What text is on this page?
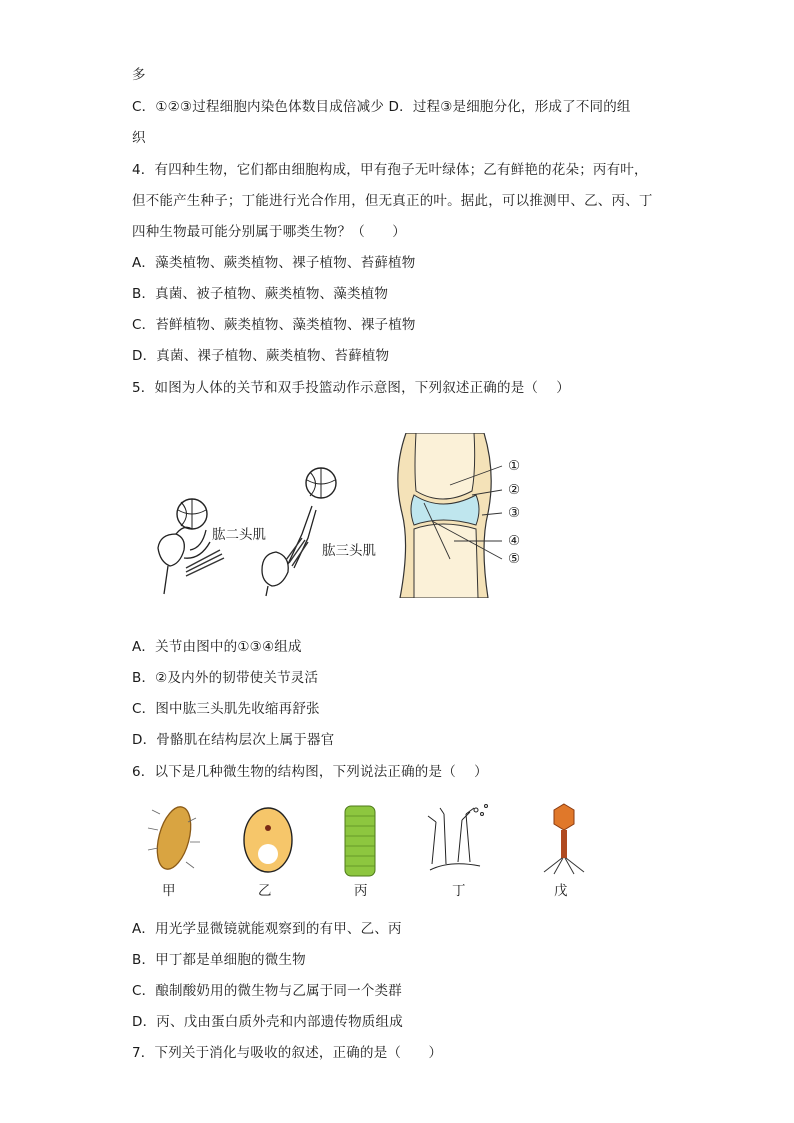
多
C．①②③过程细胞内染色体数目成倍减少 D．过程③是细胞分化，形成了不同的组
织
4．有四种生物，它们都由细胞构成，甲有孢子无叶绿体；乙有鲜艳的花朵；丙有叶，
但不能产生种子；丁能进行光合作用，但无真正的叶。据此，可以推测甲、乙、丙、丁
四种生物最可能分别属于哪类生物？（　　）
A．藻类植物、蕨类植物、裸子植物、苔藓植物
B．真菌、被子植物、蕨类植物、藻类植物
C．苔鲜植物、蕨类植物、藻类植物、裸子植物
D．真菌、裸子植物、蕨类植物、苔藓植物
5．如图为人体的关节和双手投篮动作示意图，下列叙述正确的是（　 ）
肱二头肌
肱三头肌
①
②
③
④
⑤
A．关节由图中的①③④组成
B．②及内外的韧带使关节灵活
C．图中肱三头肌先收缩再舒张
D．骨骼肌在结构层次上属于器官
6．以下是几种微生物的结构图，下列说法正确的是（　 ）
甲	乙	丙	丁	戊
A．用光学显微镜就能观察到的有甲、乙、丙
B．甲丁都是单细胞的微生物
C．酿制酸奶用的微生物与乙属于同一个类群
D．丙、戊由蛋白质外壳和内部遗传物质组成
7．下列关于消化与吸收的叙述，正确的是（　　）
